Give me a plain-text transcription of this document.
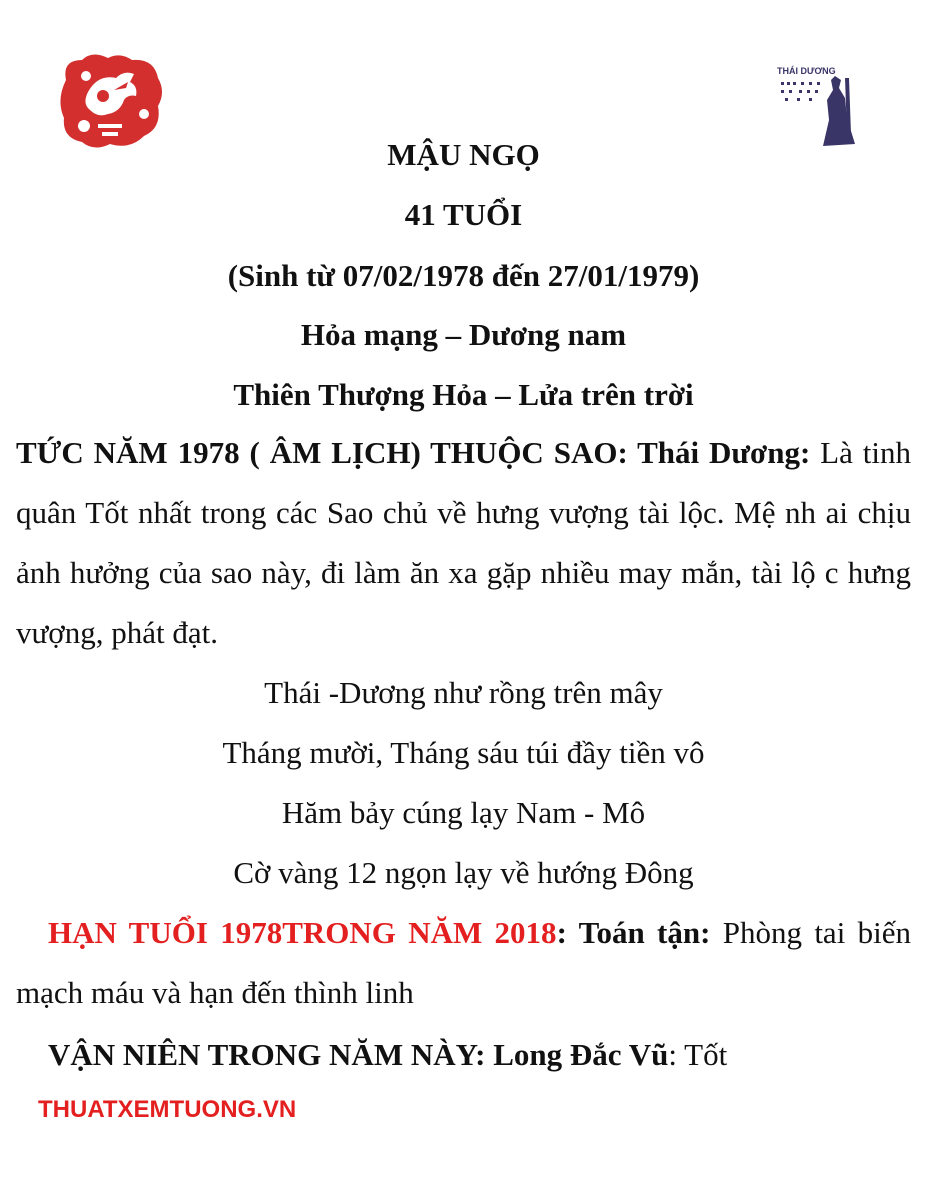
THÁI DƯƠNG
MẬU NGỌ
41 TUỔI
(Sinh từ 07/02/1978 đến 27/01/1979)
Hỏa mạng – Dương nam
Thiên Thượng Hỏa – Lửa trên trời
TỨC NĂM 1978 ( ÂM LỊCH) THUỘC SAO: Thái Dương: Là tinh quân Tốt nhất trong các Sao chủ về hưng vượng tài lộc. Mệ nh ai chịu ảnh hưởng của sao này, đi làm ăn xa gặp nhiều may mắn, tài lộ c hưng vượng, phát đạt.
Thái -Dương như rồng trên mây
Tháng mười, Tháng sáu túi đầy tiền vô
Hăm bảy cúng lạy Nam - Mô
Cờ vàng 12 ngọn lạy về hướng Đông
HẠN TUỔI 1978TRONG NĂM 2018: Toán tận: Phòng tai biến mạch máu và hạn đến thình linh
VẬN NIÊN TRONG NĂM NÀY: Long Đắc Vũ: Tốt
THUATXEMTUONG.VN
